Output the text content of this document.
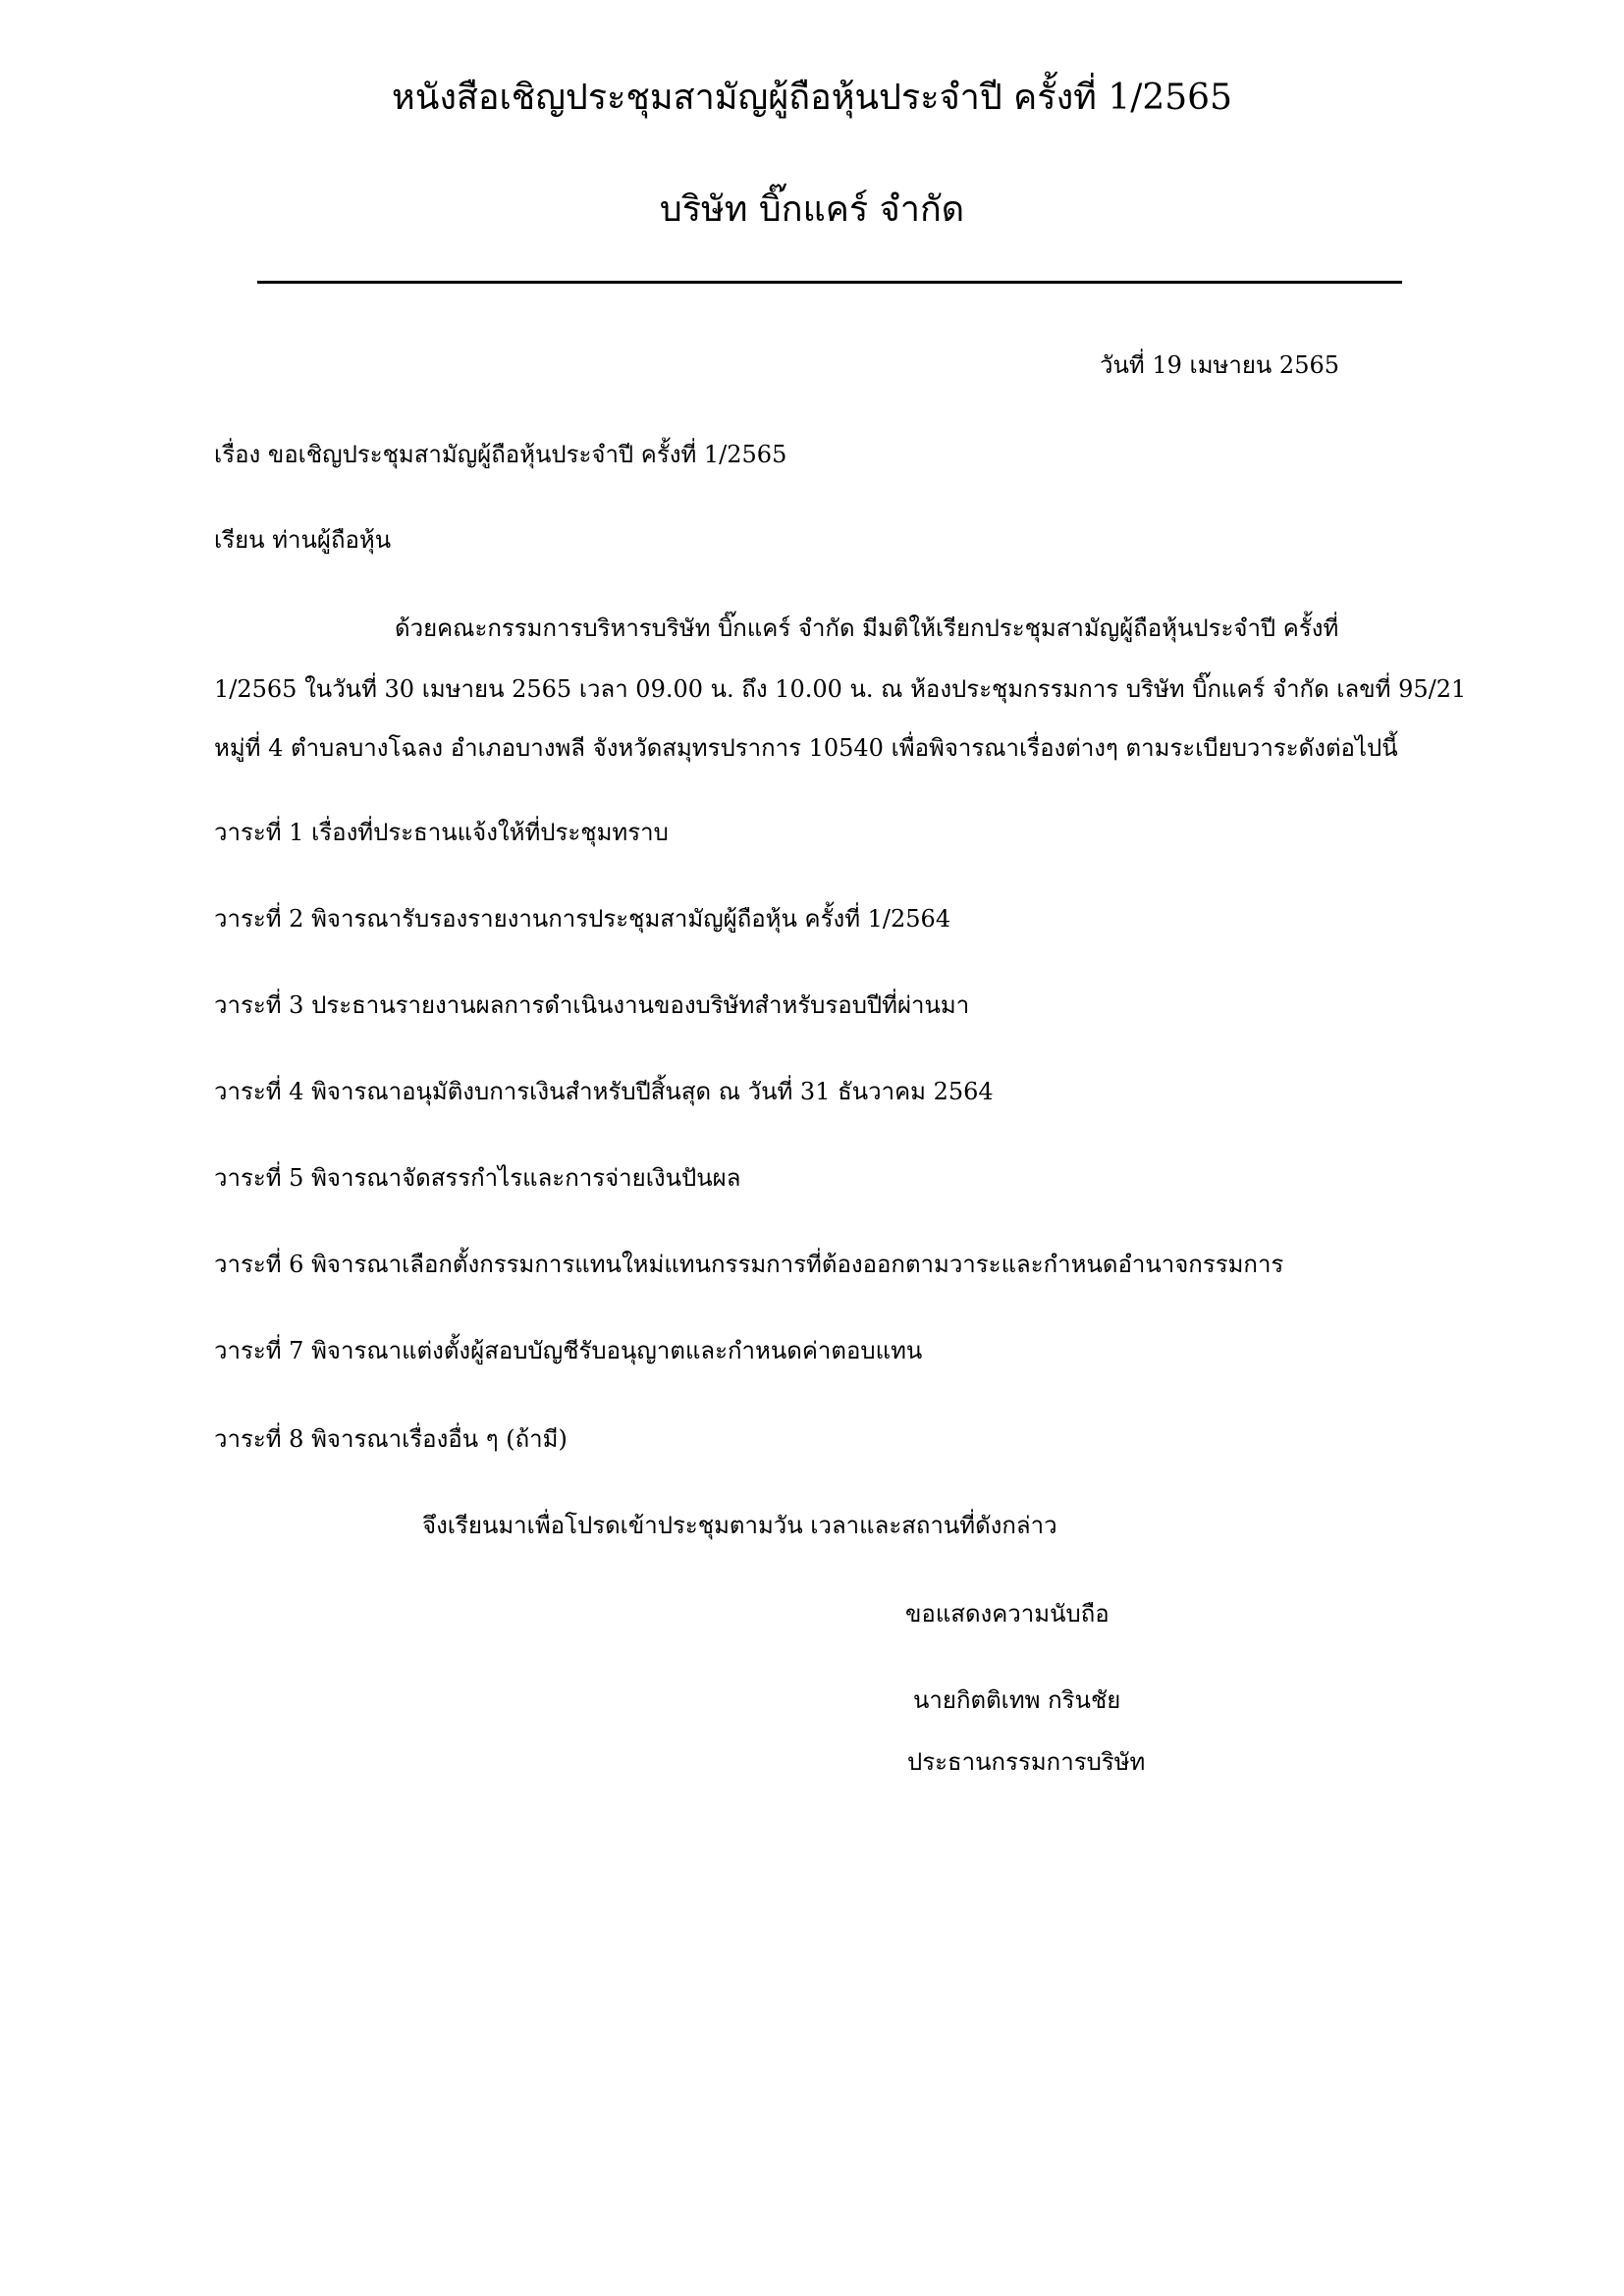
หนังสือเชิญประชุมสามัญผู้ถือหุ้นประจำปี ครั้งที่ 1/2565
บริษัท บิ๊กแคร์ จำกัด
วันที่ 19 เมษายน 2565
เรื่อง ขอเชิญประชุมสามัญผู้ถือหุ้นประจำปี ครั้งที่ 1/2565
เรียน ท่านผู้ถือหุ้น
ด้วยคณะกรรมการบริหารบริษัท บิ๊กแคร์ จำกัด มีมติให้เรียกประชุมสามัญผู้ถือหุ้นประจำปี ครั้งที่
1/2565 ในวันที่ 30 เมษายน 2565 เวลา 09.00 น. ถึง 10.00 น. ณ ห้องประชุมกรรมการ บริษัท บิ๊กแคร์ จำกัด เลขที่ 95/21
หมู่ที่ 4 ตำบลบางโฉลง อำเภอบางพลี จังหวัดสมุทรปราการ 10540 เพื่อพิจารณาเรื่องต่างๆ ตามระเบียบวาระดังต่อไปนี้
วาระที่ 1 เรื่องที่ประธานแจ้งให้ที่ประชุมทราบ
วาระที่ 2 พิจารณารับรองรายงานการประชุมสามัญผู้ถือหุ้น ครั้งที่ 1/2564
วาระที่ 3 ประธานรายงานผลการดำเนินงานของบริษัทสำหรับรอบปีที่ผ่านมา
วาระที่ 4 พิจารณาอนุมัติงบการเงินสำหรับปีสิ้นสุด ณ วันที่ 31 ธันวาคม 2564
วาระที่ 5 พิจารณาจัดสรรกำไรและการจ่ายเงินปันผล
วาระที่ 6 พิจารณาเลือกตั้งกรรมการแทนใหม่แทนกรรมการที่ต้องออกตามวาระและกำหนดอำนาจกรรมการ
วาระที่ 7 พิจารณาแต่งตั้งผู้สอบบัญชีรับอนุญาตและกำหนดค่าตอบแทน
วาระที่ 8 พิจารณาเรื่องอื่น ๆ (ถ้ามี)
จึงเรียนมาเพื่อโปรดเข้าประชุมตามวัน เวลาและสถานที่ดังกล่าว
ขอแสดงความนับถือ
นายกิตติเทพ กรินชัย
ประธานกรรมการบริษัท
